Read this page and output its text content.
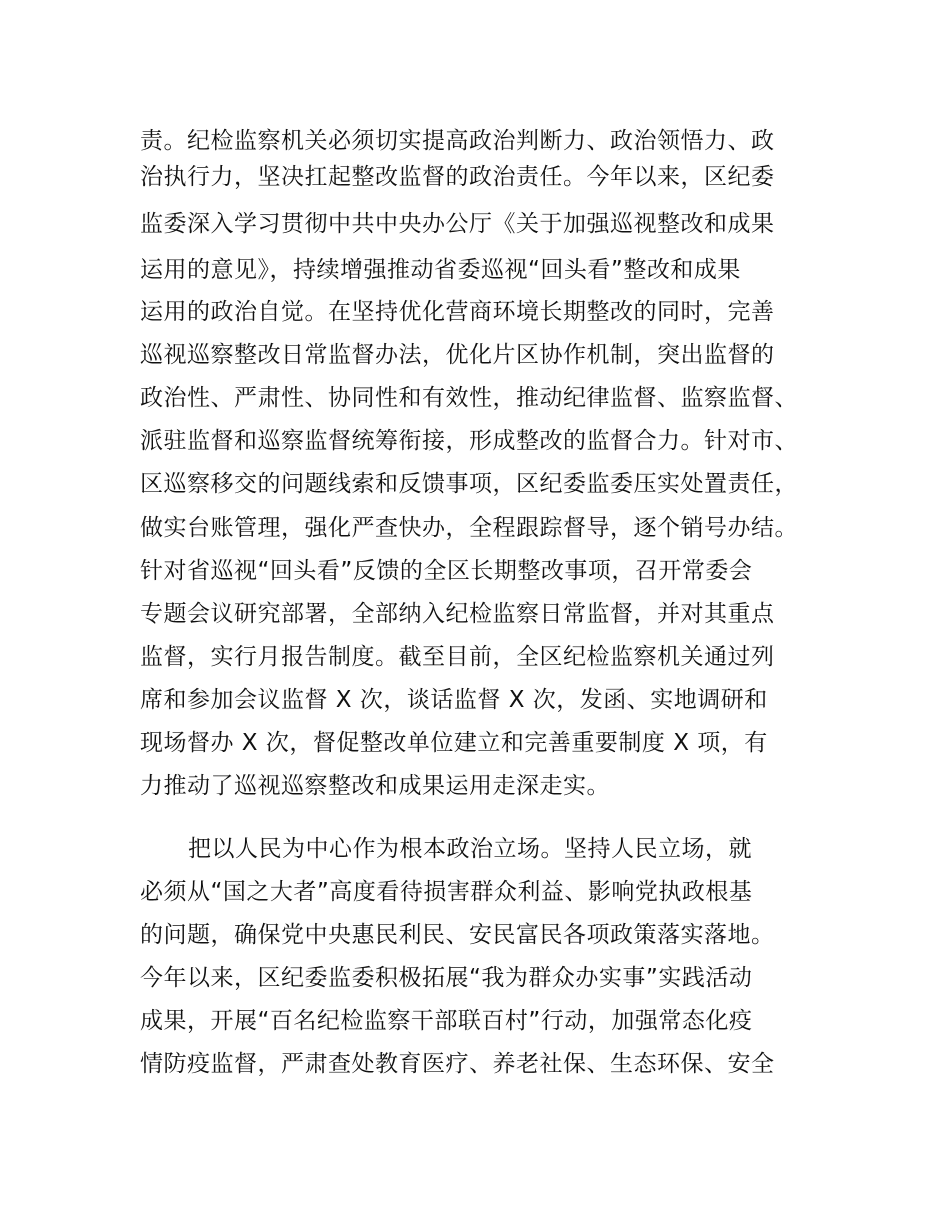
责。纪检监察机关必须切实提高政治判断力、政治领悟力、政
治执行力，坚决扛起整改监督的政治责任。今年以来，区纪委
监委深入学习贯彻中共中央办公厅《关于加强巡视整改和成果
运用的意见》，持续增强推动省委巡视“回头看”整改和成果
运用的政治自觉。在坚持优化营商环境长期整改的同时，完善
巡视巡察整改日常监督办法，优化片区协作机制，突出监督的
政治性、严肃性、协同性和有效性，推动纪律监督、监察监督、
派驻监督和巡察监督统筹衔接，形成整改的监督合力。针对市、
区巡察移交的问题线索和反馈事项，区纪委监委压实处置责任，
做实台账管理，强化严查快办，全程跟踪督导，逐个销号办结。
针对省巡视“回头看”反馈的全区长期整改事项，召开常委会
专题会议研究部署，全部纳入纪检监察日常监督，并对其重点
监督，实行月报告制度。截至目前，全区纪检监察机关通过列
席和参加会议监督 X 次，谈话监督 X 次，发函、实地调研和
现场督办 X 次，督促整改单位建立和完善重要制度 X 项，有
力推动了巡视巡察整改和成果运用走深走实。
把以人民为中心作为根本政治立场。坚持人民立场，就
必须从“国之大者”高度看待损害群众利益、影响党执政根基
的问题，确保党中央惠民利民、安民富民各项政策落实落地。
今年以来，区纪委监委积极拓展“我为群众办实事”实践活动
成果，开展“百名纪检监察干部联百村”行动，加强常态化疫
情防疫监督，严肃查处教育医疗、养老社保、生态环保、安全
